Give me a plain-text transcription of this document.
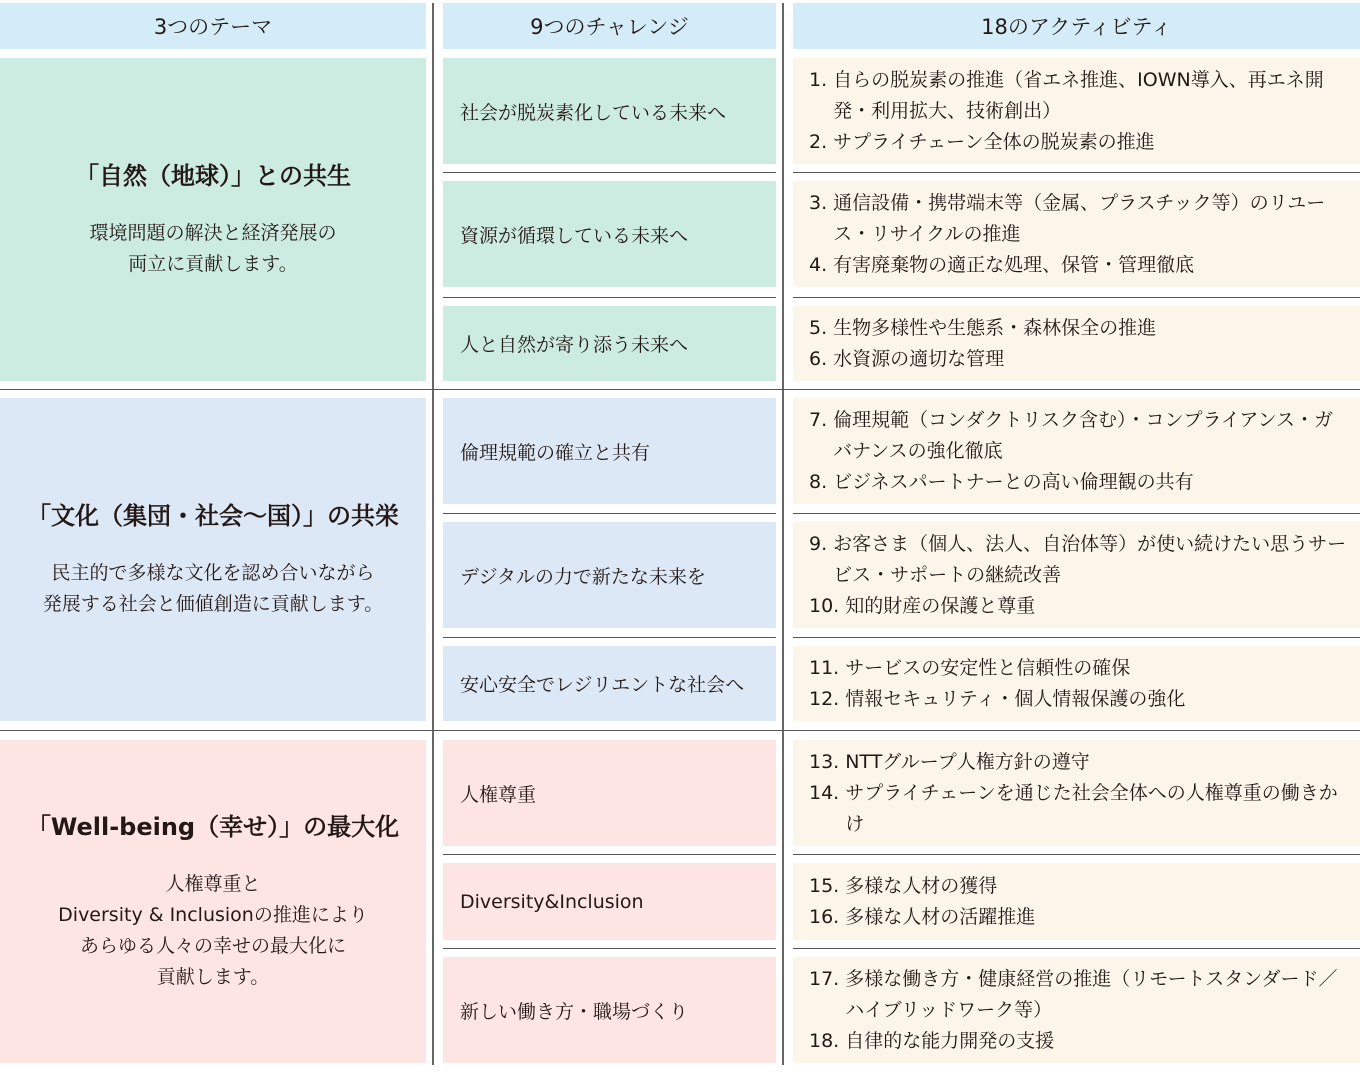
3つのテーマ	9つのチャレンジ	18のアクティビティ
「自然（地球）」との共生
環境問題の解決と経済発展の
両立に貢献します。
社会が脱炭素化している未来へ
資源が循環している未来へ
人と自然が寄り添う未来へ
1. 自らの脱炭素の推進（省エネ推進、IOWN導入、再エネ開発・利用拡大、技術創出）
2. サプライチェーン全体の脱炭素の推進
3. 通信設備・携帯端末等（金属、プラスチック等）のリユース・リサイクルの推進
4. 有害廃棄物の適正な処理、保管・管理徹底
5. 生物多様性や生態系・森林保全の推進
6. 水資源の適切な管理
「文化（集団・社会〜国）」の共栄
民主的で多様な文化を認め合いながら
発展する社会と価値創造に貢献します。
倫理規範の確立と共有
デジタルの力で新たな未来を
安心安全でレジリエントな社会へ
7. 倫理規範（コンダクトリスク含む）・コンプライアンス・ガバナンスの強化徹底
8. ビジネスパートナーとの高い倫理観の共有
9. お客さま（個人、法人、自治体等）が使い続けたい思うサービス・サポートの継続改善
10. 知的財産の保護と尊重
11. サービスの安定性と信頼性の確保
12. 情報セキュリティ・個人情報保護の強化
「Well-being（幸せ）」の最大化
人権尊重と
Diversity & Inclusionの推進により
あらゆる人々の幸せの最大化に
貢献します。
人権尊重
Diversity&Inclusion
新しい働き方・職場づくり
13. NTTグループ人権方針の遵守
14. サプライチェーンを通じた社会全体への人権尊重の働きかけ
15. 多様な人材の獲得
16. 多様な人材の活躍推進
17. 多様な働き方・健康経営の推進（リモートスタンダード／ハイブリッドワーク等）
18. 自律的な能力開発の支援
